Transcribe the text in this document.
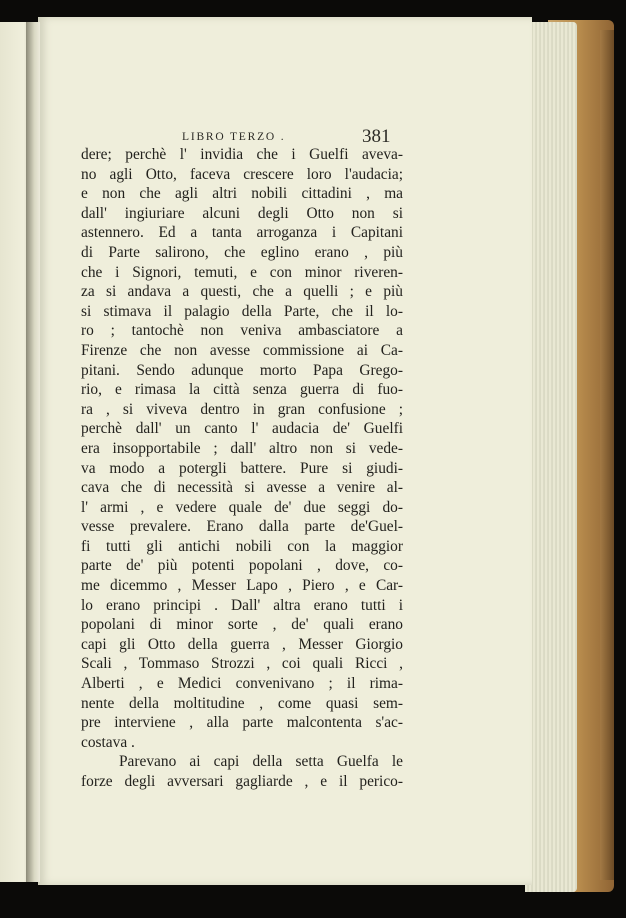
LIBRO TERZO .	381
dere; perchè l' invidia che i Guelfi aveva-
no agli Otto, faceva crescere loro l'audacia;
e non che agli altri nobili cittadini , ma
dall' ingiuriare alcuni degli Otto non si
astennero. Ed a tanta arroganza i Capitani
di Parte salirono, che eglino erano , più
che i Signori, temuti, e con minor riveren-
za si andava a questi, che a quelli ; e più
si stimava il palagio della Parte, che il lo-
ro ; tantochè non veniva ambasciatore a
Firenze che non avesse commissione ai Ca-
pitani. Sendo adunque morto Papa Grego-
rio, e rimasa la città senza guerra di fuo-
ra , si viveva dentro in gran confusione ;
perchè dall' un canto l' audacia de' Guelfi
era insopportabile ; dall' altro non si vede-
va modo a potergli battere. Pure si giudi-
cava che di necessità si avesse a venire al-
l' armi , e vedere quale de' due seggi do-
vesse prevalere. Erano dalla parte de'Guel-
fi tutti gli antichi nobili con la maggior
parte de' più potenti popolani , dove, co-
me dicemmo , Messer Lapo , Piero , e Car-
lo erano principi . Dall' altra erano tutti i
popolani di minor sorte , de' quali erano
capi gli Otto della guerra , Messer Giorgio
Scali , Tommaso Strozzi , coi quali Ricci ,
Alberti , e Medici convenivano ; il rima-
nente della moltitudine , come quasi sem-
pre interviene , alla parte malcontenta s'ac-
costava .
Parevano ai capi della setta Guelfa le
forze degli avversari gagliarde , e il perico-
